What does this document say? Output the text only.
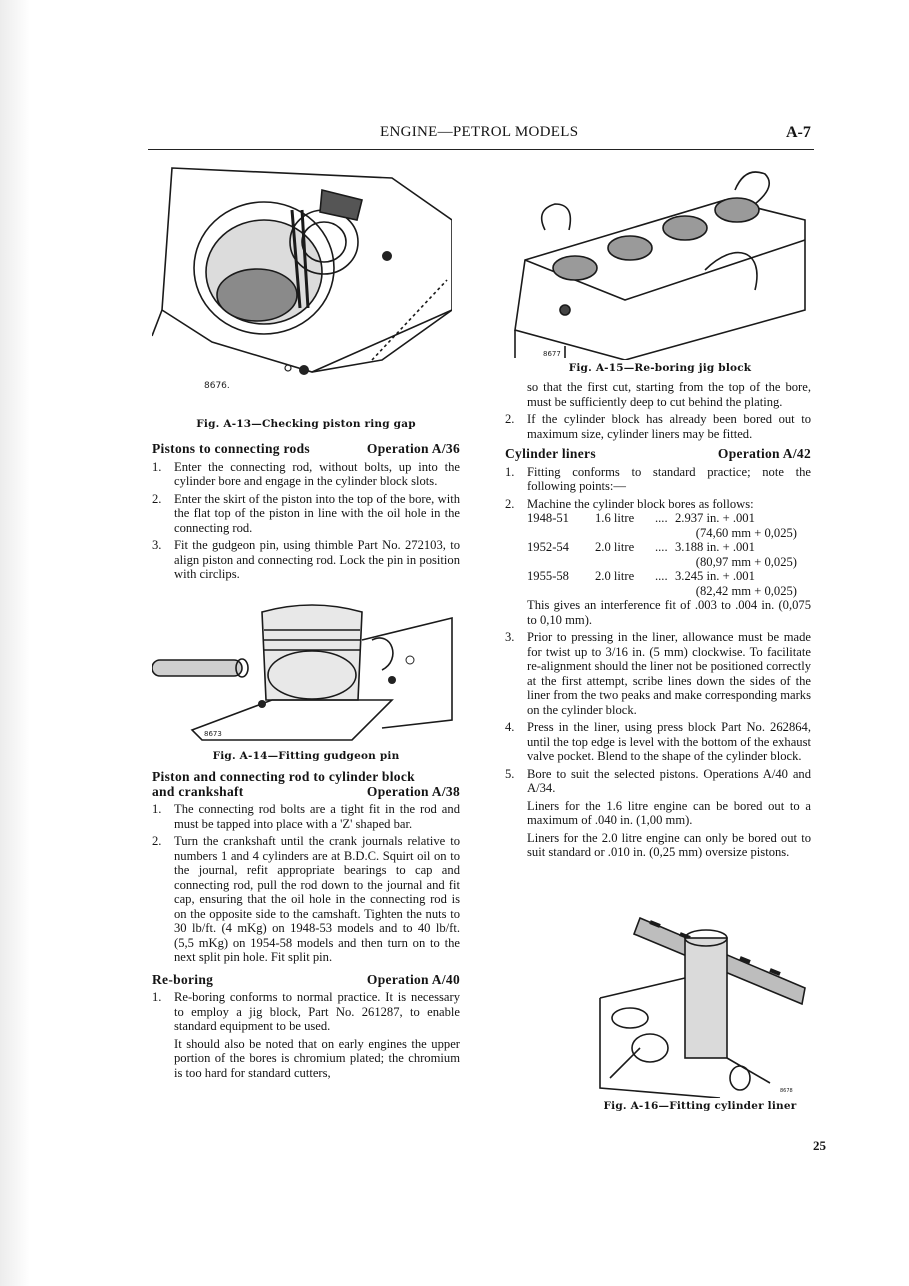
ENGINE—PETROL MODELS	A-7
8676.
Fig. A-13—Checking piston ring gap
Pistons to connecting rods	Operation A/36
1. Enter the connecting rod, without bolts, up into the cylinder bore and engage in the cylinder block slots.
2. Enter the skirt of the piston into the top of the bore, with the flat top of the piston in line with the oil hole in the connecting rod.
3. Fit the gudgeon pin, using thimble Part No. 272103, to align piston and connecting rod. Lock the pin in position with circlips.
8673
Fig. A-14—Fitting gudgeon pin
Piston and connecting rod to cylinder block
and crankshaft	Operation A/38
1. The connecting rod bolts are a tight fit in the rod and must be tapped into place with a 'Z' shaped bar.
2. Turn the crankshaft until the crank journals relative to numbers 1 and 4 cylinders are at B.D.C. Squirt oil on to the journal, refit appropriate bearings to cap and connecting rod, pull the rod down to the journal and fit cap, ensuring that the oil hole in the connecting rod is on the opposite side to the camshaft. Tighten the nuts to 30 lb/ft. (4 mKg) on 1948-53 models and to 40 lb/ft. (5,5 mKg) on 1954-58 models and then turn on to the next split pin hole. Fit split pin.
Re-boring	Operation A/40
1. Re-boring conforms to normal practice. It is necessary to employ a jig block, Part No. 261287, to enable standard equipment to be used.
It should also be noted that on early engines the upper portion of the bores is chromium plated; the chromium is too hard for standard cutters,
8677
Fig. A-15—Re-boring jig block
so that the first cut, starting from the top of the bore, must be sufficiently deep to cut behind the plating.
2. If the cylinder block has already been bored out to maximum size, cylinder liners may be fitted.
Cylinder liners	Operation A/42
1. Fitting conforms to standard practice; note the following points:—
2. Machine the cylinder block bores as follows:
1948-51	1.6 litre	.... 2.937 in. + .001
(74,60 mm + 0,025)
1952-54	2.0 litre	.... 3.188 in. + .001
(80,97 mm + 0,025)
1955-58	2.0 litre	.... 3.245 in. + .001
(82,42 mm + 0,025)
This gives an interference fit of .003 to .004 in. (0,075 to 0,10 mm).
3. Prior to pressing in the liner, allowance must be made for twist up to 3/16 in. (5 mm) clockwise. To facilitate re-alignment should the liner not be positioned correctly at the first attempt, scribe lines down the sides of the liner from the two peaks and make corresponding marks on the cylinder block.
4. Press in the liner, using press block Part No. 262864, until the top edge is level with the bottom of the exhaust valve pocket. Blend to the shape of the cylinder block.
5. Bore to suit the selected pistons. Operations A/40 and A/34.
Liners for the 1.6 litre engine can be bored out to a maximum of .040 in. (1,00 mm).
Liners for the 2.0 litre engine can only be bored out to suit standard or .010 in. (0,25 mm) oversize pistons.
8678
Fig. A-16—Fitting cylinder liner
25
